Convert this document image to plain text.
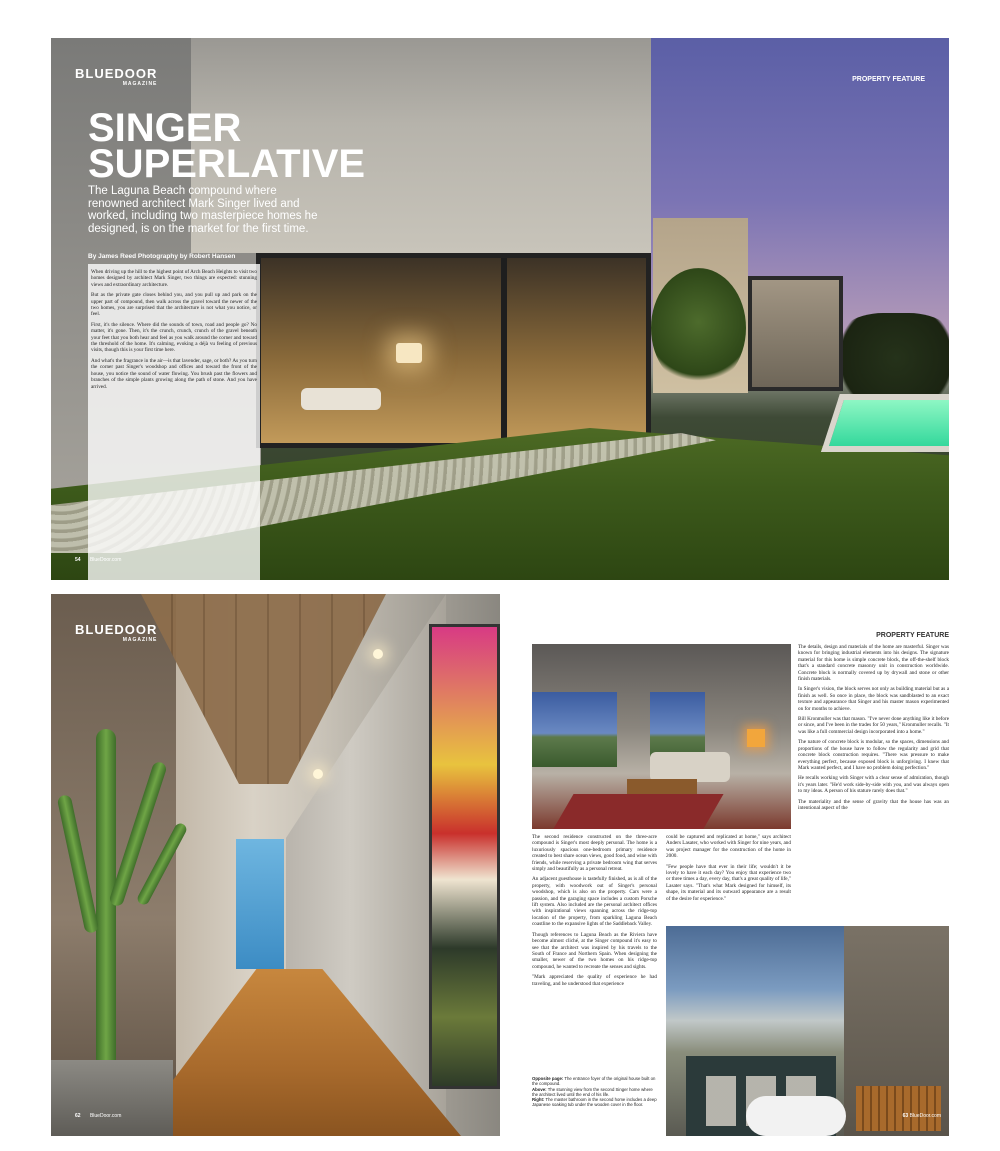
BLUEDOOR
MAGAZINE
PROPERTY FEATURE
SINGER
SUPERLATIVE

The Laguna Beach compound where renowned architect Mark Singer lived and worked, including two masterpiece homes he designed, is on the market for the first time.

By James Reed Photography by Robert Hansen

When driving up the hill to the highest point of Arch Beach Heights to visit two homes designed by architect Mark Singer, two things are expected: stunning views and extraordinary architecture.

But as the private gate closes behind you, and you pull up and park on the upper part of compound, then walk across the gravel toward the newer of the two homes, you are surprised that the architecture is not what you notice, or feel.

First, it's the silence. Where did the sounds of town, road and people go? No matter, it's gone. Then, it's the crunch, crunch, crunch of the gravel beneath your feet that you both hear and feel as you walk around the corner and toward the threshold of the home. It's calming, evoking a déjà vu feeling of previous visits, though this is your first time here.

And what's the fragrance in the air—is that lavender, sage, or both? As you turn the corner past Singer's woodshop and offices and toward the front of the house, you notice the sound of water flowing. You brush past the flowers and branches of the simple plants growing along the path of stone. And you have arrived.

54 BlueDoor.com
BLUEDOOR
MAGAZINE
62 BlueDoor.com
PROPERTY FEATURE

The second residence constructed on the three-acre compound is Singer's most deeply personal. The home is a luxuriously spacious one-bedroom primary residence created to best share ocean views, good food, and wine with friends, while reserving a private bedroom wing that serves simply and beautifully as a personal retreat.

An adjacent guesthouse is tastefully finished, as is all of the property, with woodwork out of Singer's personal woodshop, which is also on the property. Cars were a passion, and the garaging space includes a custom Porsche lift system. Also included are the personal architect offices with inspirational views spanning across the ridge-top location of the property, from sparkling Laguna Beach coastline to the expansive lights of the Saddleback Valley.

Though references to Laguna Beach as the Riviera have become almost cliché, at the Singer compound it's easy to see that the architect was inspired by his travels to the South of France and Northern Spain. When designing the smaller, newer of the two homes on his ridge-top compound, he wanted to recreate the senses and sights.

"Mark appreciated the quality of experience he had traveling, and he understood that experience

could be captured and replicated at home," says architect Anders Lasater, who worked with Singer for nine years, and was project manager for the construction of the home in 2000.

"Few people have that ever in their life; wouldn't it be lovely to have it each day? You enjoy that experience two or three times a day, every day, that's a great quality of life," Lasater says. "That's what Mark designed for himself, its shape, its material and its outward appearance are a result of the desire for experience."

The details, design and materials of the home are masterful. Singer was known for bringing industrial elements into his designs. The signature material for this home is simple concrete block, the off-the-shelf block that's a standard concrete masonry unit in construction worldwide. Concrete block is normally covered up by drywall and stone or other finish materials.

In Singer's vision, the block serves not only as building material but as a finish as well. So once in place, the block was sandblasted to an exact texture and appearance that Singer and his master mason experimented on for months to achieve.

Bill Kronmuller was that mason. "I've never done anything like it before or since, and I've been in the trades for 50 years," Kronmuller recalls. "It was like a full commercial design incorporated into a home."

The nature of concrete block is modular, so the spaces, dimensions and proportions of the house have to follow the regularity and grid that concrete block construction requires. "There was pressure to make everything perfect, because exposed block is unforgiving. I knew that Mark wanted perfect, and I have no problem doing perfection."

He recalls working with Singer with a clear sense of admiration, though it's years later. "He'd work side-by-side with you, and was always open to my ideas. A person of his stature rarely does that."

The materiality and the sense of gravity that the house has was an intentional aspect of the

Opposite page: The entrance foyer of the original house built on the compound.
Above: The stunning view from the second Singer home where the architect lived until the end of his life.
Right: The master bathroom in the second home includes a deep Japanese soaking tub under the wooden cover in the floor.
63 BlueDoor.com
